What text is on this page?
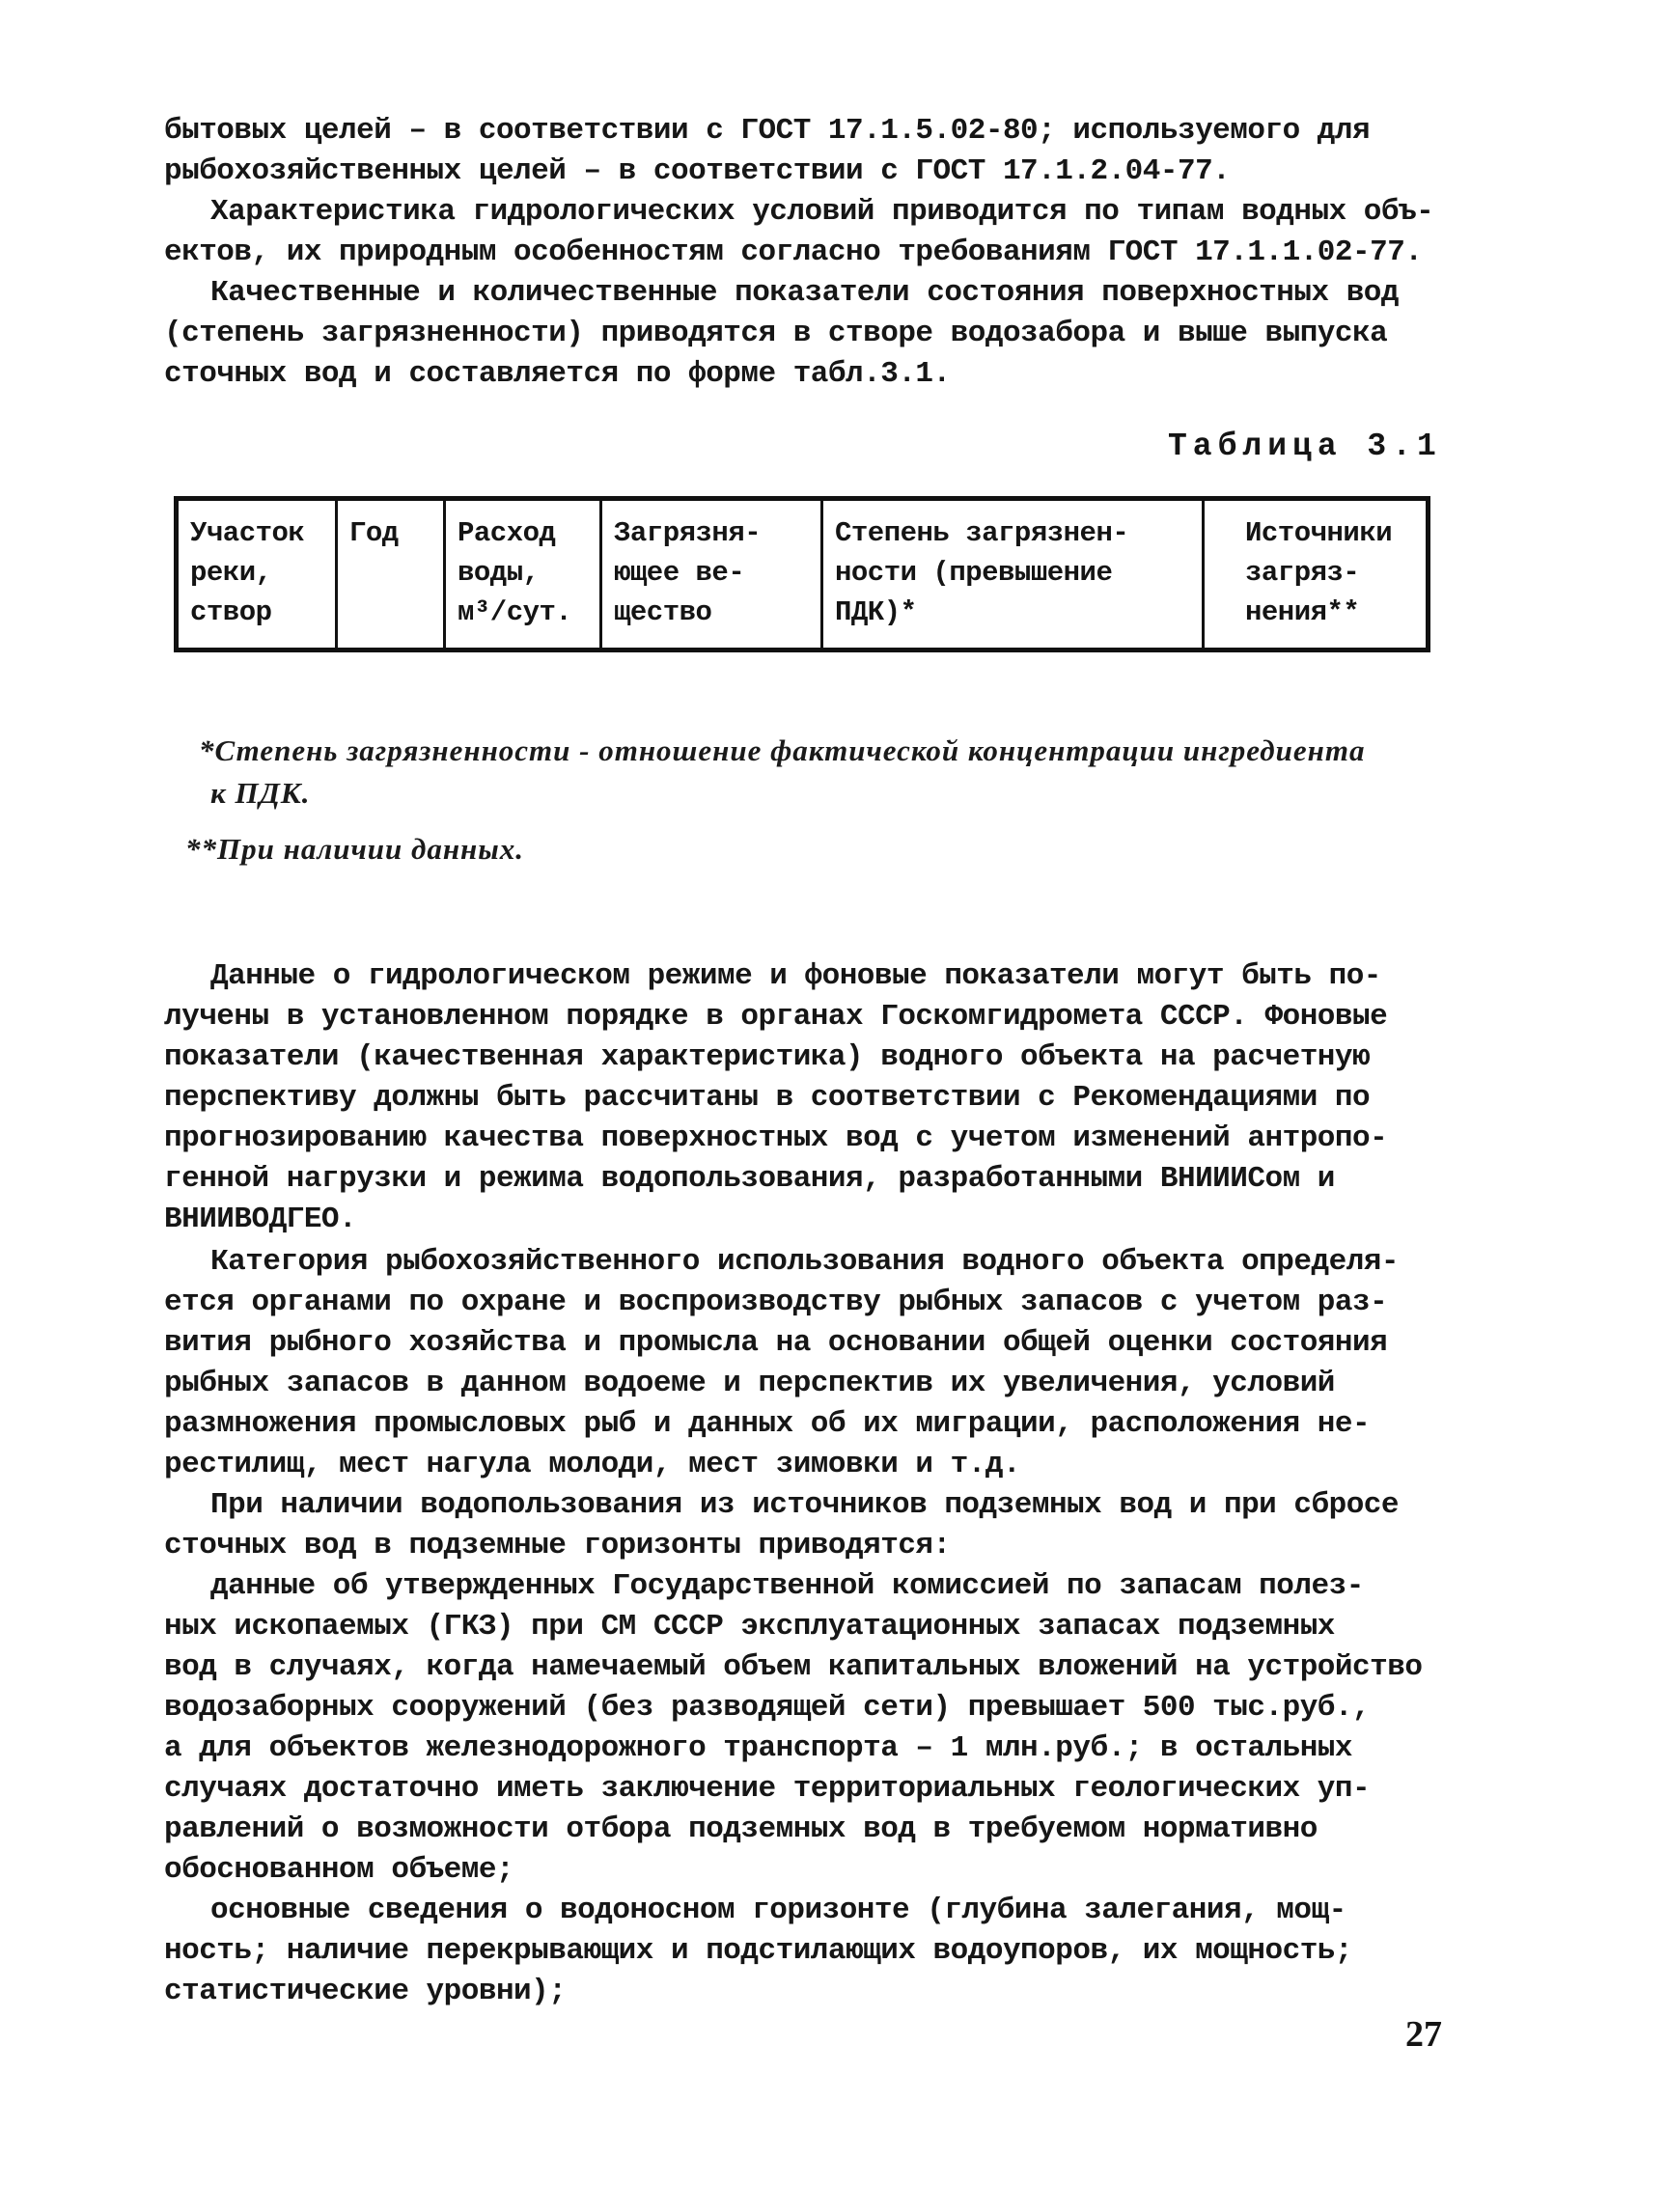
бытовых целей – в соответствии с ГОСТ 17.1.5.02-80; используемого для
рыбохозяйственных целей – в соответствии с ГОСТ 17.1.2.04-77.
Характеристика гидрологических условий приводится по типам водных объ-
ектов, их природным особенностям согласно требованиям ГОСТ 17.1.1.02-77.
Качественные и количественные показатели состояния поверхностных вод
(степень загрязненности) приводятся в створе водозабора и выше выпуска
сточных вод и составляется по форме табл.3.1.
Таблица 3.1
Участок
реки,
створ
Год	Расход
воды,
м³/сут.
Загрязня-
ющее ве-
щество
Степень загрязнен-
ности (превышение
ПДК)*
Источники
загряз-
нения**
*Степень загрязненности - отношение фактической концентрации ингредиента
к ПДК.
**При наличии данных.
Данные о гидрологическом режиме и фоновые показатели могут быть по-
лучены в установленном порядке в органах Госкомгидромета СССР. Фоновые
показатели (качественная характеристика) водного объекта на расчетную
перспективу должны быть рассчитаны в соответствии с Рекомендациями по
прогнозированию качества поверхностных вод с учетом изменений антропо-
генной нагрузки и режима водопользования, разработанными ВНИИИСом и
ВНИИВОДГЕО.
Категория рыбохозяйственного использования водного объекта определя-
ется органами по охране и воспроизводству рыбных запасов с учетом раз-
вития рыбного хозяйства и промысла на основании общей оценки состояния
рыбных запасов в данном водоеме и перспектив их увеличения, условий
размножения промысловых рыб и данных об их миграции, расположения не-
рестилищ, мест нагула молоди, мест зимовки и т.д.
При наличии водопользования из источников подземных вод и при сбросе
сточных вод в подземные горизонты приводятся:
данные об утвержденных Государственной комиссией по запасам полез-
ных ископаемых (ГКЗ) при СМ СССР эксплуатационных запасах подземных
вод в случаях, когда намечаемый объем капитальных вложений на устройство
водозаборных сооружений (без разводящей сети) превышает 500 тыс.руб.,
а для объектов железнодорожного транспорта – 1 млн.руб.; в остальных
случаях достаточно иметь заключение территориальных геологических уп-
равлений о возможности отбора подземных вод в требуемом нормативно
обоснованном объеме;
основные сведения о водоносном горизонте (глубина залегания, мощ-
ность; наличие перекрывающих и подстилающих водоупоров, их мощность;
статистические уровни);
27
